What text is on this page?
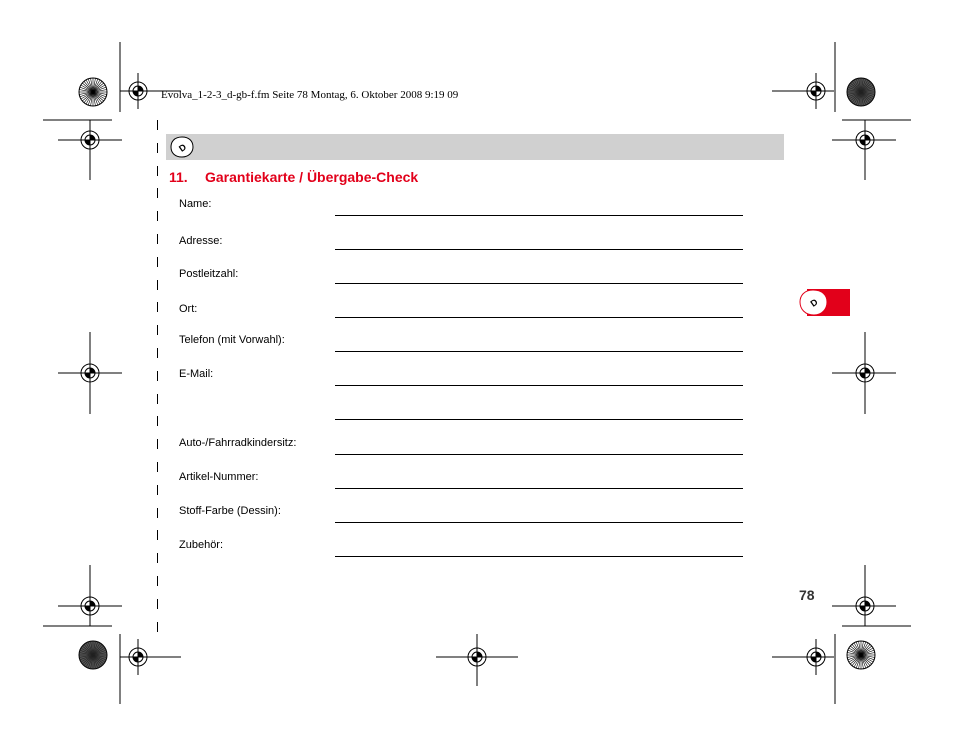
Evolva_1-2-3_d-gb-f.fm Seite 78 Montag, 6. Oktober 2008 9:19 09
D
11. Garantiekarte / Übergabe-Check
Name:
Adresse:
Postleitzahl:
Ort:
Telefon (mit Vorwahl):
E-Mail:
Auto-/Fahrradkindersitz:
Artikel-Nummer:
Stoff-Farbe (Dessin):
Zubehör:
D
78
